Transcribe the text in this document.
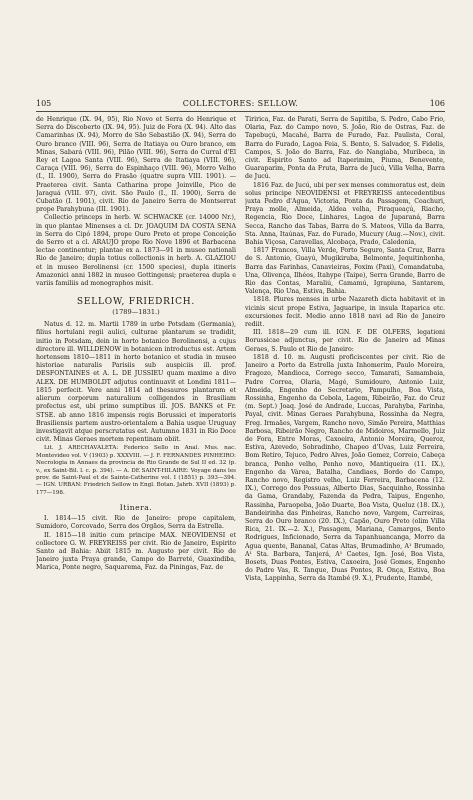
105	COLLECTORES: SELLOW.	106

de Henrique (IX. 94, 95), Rio Novo et Serra do Henrique et Serra do Discoberto (IX. 94, 95). Juiz de Fora (X. 94). Alto das Camarinhas (X. 94), Morro de São Sebastião (X. 94), Serra do Ouro branco (VIII. 96), Serra de Itatiaya ou Ouro branco, em Minas, Sabará (VIII. 96), Pilão (VIII. 96), Serra do Curral d'El Rey et Lagoa Santa (VIII. 96), Serra de Itatiaya (VIII. 96), Caraça (VIII. 96), Serra do Espinhaço (VIII. 96), Morro Velho (I., II. 1900), Serra do Frasão (quatre supra VIII. 1901). — Praeterea civit. Santa Catharina prope Joinville, Pico de Jaraguá (VIII. 97), civit. São Paulo (I., II. 1900), Serra de Cubatão (I. 1901), civit. Rio de Janeiro Serra de Montserrat prope Parahybuna (III. 1901).

Collectio princeps in herb. W. SCHWACKE (cr. 14000 Nr.), in quo plantae Minenses a cl. Dr. JOAQUIM DA COSTA SENA in Serra do Cipó 1894, prope Ouro Preto et prope Conceição de Serro et a cl. ARAUJO prope Rio Nove 1896 et Barbacena lectae continentur; plantae ex a. 1873—91 in museo nationali Rio de Janeiro; dupla totius collectionis in herb. A. GLAZIOU et in museo Berolinensi (cr. 1500 species), dupla itineris Amazonici anni 1882 in museo Gottingensi; praeterea dupla e variis familiis ad monographos misit.

SELLOW, FRIEDRICH.
(1789—1831.)

Natus d. 12. m. Martii 1789 in urbe Potsdam (Germania), filius hortulani regii aulici, culturae plantarum se tradidit, initio in Potsdam, dein in horto botanico Berolinensi, a cujus directore ill. WILLDENOW in botanicen introductus est. Artem hortensem 1810—1811 in horto botanico et studia in museo historiae naturalis Parisiis sub auspiciis ill. prof. DESFONTAINES et A. L. DE JUSSIEU quam maxime a divo ALEX. DE HUMBOLDT adjutus continuavit et Londini 1811—1815 perfecit. Vere anni 1814 ad thesauros plantarum et alierum corporum naturalium colligendos in Brasiliam profectus est, ubi primo sumptibus ill. JOS. BANKS et Fr. STSE. ab anno 1816 impensis regis Borussici et imperatoris Brasiliensis partem austro-orientalem a Bahia usque Uruguay investigavit atque perscrutatus est. Autumno 1831 in Rio Doce civit. Minas Geraes mortem repentinam obiit.

Lit. J. ARECHAVALETA: Federico Sello in Anal. Mus. nac. Montevideo vol. V (1903) p. XXXVIII. — J. F. FERNANDES PINHEIRO: Necrologia in Annaes da provincia de Rio Grande de Sul II ed. 32 (p. v., ex Saint-Bil. l. c. p. 394). — A. DE SAINT-HILAIRE: Voyage dans les prov. de Saint-Paul et de Sainte-Catherine vol. I (1851) p. 393—394. — IGN. URBAN: Friedrich Sellow in Engl. Botan. Jahrb. XVII (1893) p. 177—198.

Itinera.

I. 1814—15 civit. Rio de Janeiro: prope capitalem, Sumidoro, Corcovado, Serra dos Orgãos, Serra da Estrella.

II. 1815—18 initio cum principe MAX. NEOVIDENSI et collectore G. W. FREYREISS per civit. Rio de Janeiro, Espirito Santo ad Bahia: Abiit 1815 m. Augusto per civit. Rio de Janeiro juxta Praya grande, Campo do Barreté, Guaxindiba, Marica, Ponte negro, Saquarema, Faz. da Piningas, Faz. de

Tiririca, Faz. de Parati, Serra de Sapitiba, S. Pedro, Cabo Frio, Olaria, Faz. do Campo novo, S. João, Rio de Ostras, Faz. de Tapebuçú, Macahé, Barra de Furado, Faz. Paulista, Coral, Barra do Furado, Lagoa Feia, S. Bento, S. Salvador, S. Fidelis, Campos, S. João do Barra, Faz. do Nangiaba, Muribeca, in civit. Espirito Santo ad Itaperimim, Piuma, Benevente, Guaraparim, Ponta da Fruta, Barra de Jucú, Villa Velha, Barra de Jucú.

1816 Faz. de Jucú, ubi per sex menses commoratus est, dein solus principe NEOVIDENSI et FREYREISS antecedentibus juxta Pedro d'Agua, Victoria, Ponta da Passagem, Coachuri, Praya molle, Almeida, Aldea velha, Piraqueaçú, Riacho, Regencia, Rio Doce, Linhares, Lagoa de Juparaná, Barra Secca, Rancho das Tabas, Barra do S. Mateos, Villa da Barra, Sta. Anna, Itaúnas, Faz. do Furado, Mucury (Aug.—Nov.), civit. Bahia Viçosa, Caravellas, Alcobaça, Prado, Caledonia,

1817 Francos, Villa Verde, Porto Seguro, Santa Cruz, Barra de S. Antonio, Guayú, Mugikiruba, Belmonte, Jequitinhonha, Barra das Farinhas, Canavieiras, Foxim (Paxi), Comandatuba, Una, Olivença, Ilhéos, Itahype (Taipe), Serra Grande, Barro de Rio das Contas, Maraliú, Camamú, Igrapiuna, Santarem, Valença, Rio Una, Estiva, Bahia.

1818. Plures menses in urbe Nazareth dicta habitavit et in vicinis sicut prope Estiva, Jaguaripe, in insula Itaparica etc. excursiones fecit. Medio anno 1818 navi ad Rio de Janeiro rediit.

III. 1818—29 cum ill. IGN. F. DE OLFERS, legationi Borussicae adjunctus, per civit. Rio de Janeiro ad Minas Geraes, S. Paulo et Rio de Janeiro:

1818 d. 10. m. Augusti proficiscentes per civit. Rio de Janeiro a Porto da Estrella juxta Inhomerim, Paulo Moreira, Fragozo, Mandioca, Corrego secco, Tamarati, Samambaia, Padre Correa, Olaria, Magé, Sumidouro, Antonio Luiz, Almeida, Engenho do Secretario, Pampulho, Boa Vista, Rossinha, Engenho da Cebola, Lagem, Ribeirão, Faz. do Cruz (m. Sept.) Joaq. José de Andrade, Luccas, Parahyba, Farinha, Payal, civit. Minas Geraes Parahybuna, Rossinha da Negra, Freg. Irmaães, Vargem, Rancho novo, Simão Pereira, Matthias Barbosa, Ribeirão Negro, Rancho de Midoiros, Marmello, Juiz de Fora, Entre Moras, Caxoeira, Antonio Moreira, Queroz, Estiva, Azevedo, Sobradinho, Chapeo d'Uvas, Luiz Ferreira, Bom Retiro, Tejuco, Pedro Alves, João Gomez, Correio, Cabeça branca, Penho velho, Penho novo, Mantiqueira (11. IX.), Engenho da Várea, Batalha, Candiaes, Bordo do Campo, Rancho novo, Registro velho, Luiz Ferreira, Barbacena (12. IX.), Corrego dos Possuas, Alberto Dias, Sacquinho, Rossinha da Gama, Grandaby, Fazenda da Pedra, Taipus, Engenho, Rassinha, Paraopeba, João Duarte, Boa Vista, Queluz (18. IX.), Bandeirinha das Pinheiras, Rancho novo, Vargem, Carreiras, Serra do Ouro branco (20. IX.), Capão, Ouro Preto (olim Villa Rica, 21. IX.—2. X.), Passagem, Mariana, Camargos, Bento Rodrigues, Inficionado, Serra da Tapanhuancanga, Morro da Agua quente, Bananal, Catas Altas, Brumadinho, A¹ Brumado, A¹ Sta. Barbara, Tanjerá, A¹ Caetes, Ign. José, Boa Vista, Bosets, Duas Pontes, Estiva, Caxoeira, José Gomes, Engenho do Padre Vas, R. Tanque, Duas Pontes, R. Onça, Estiva, Boa Vista, Lappinha, Serra da Itambé (9. X.), Prudente, Itambé,
